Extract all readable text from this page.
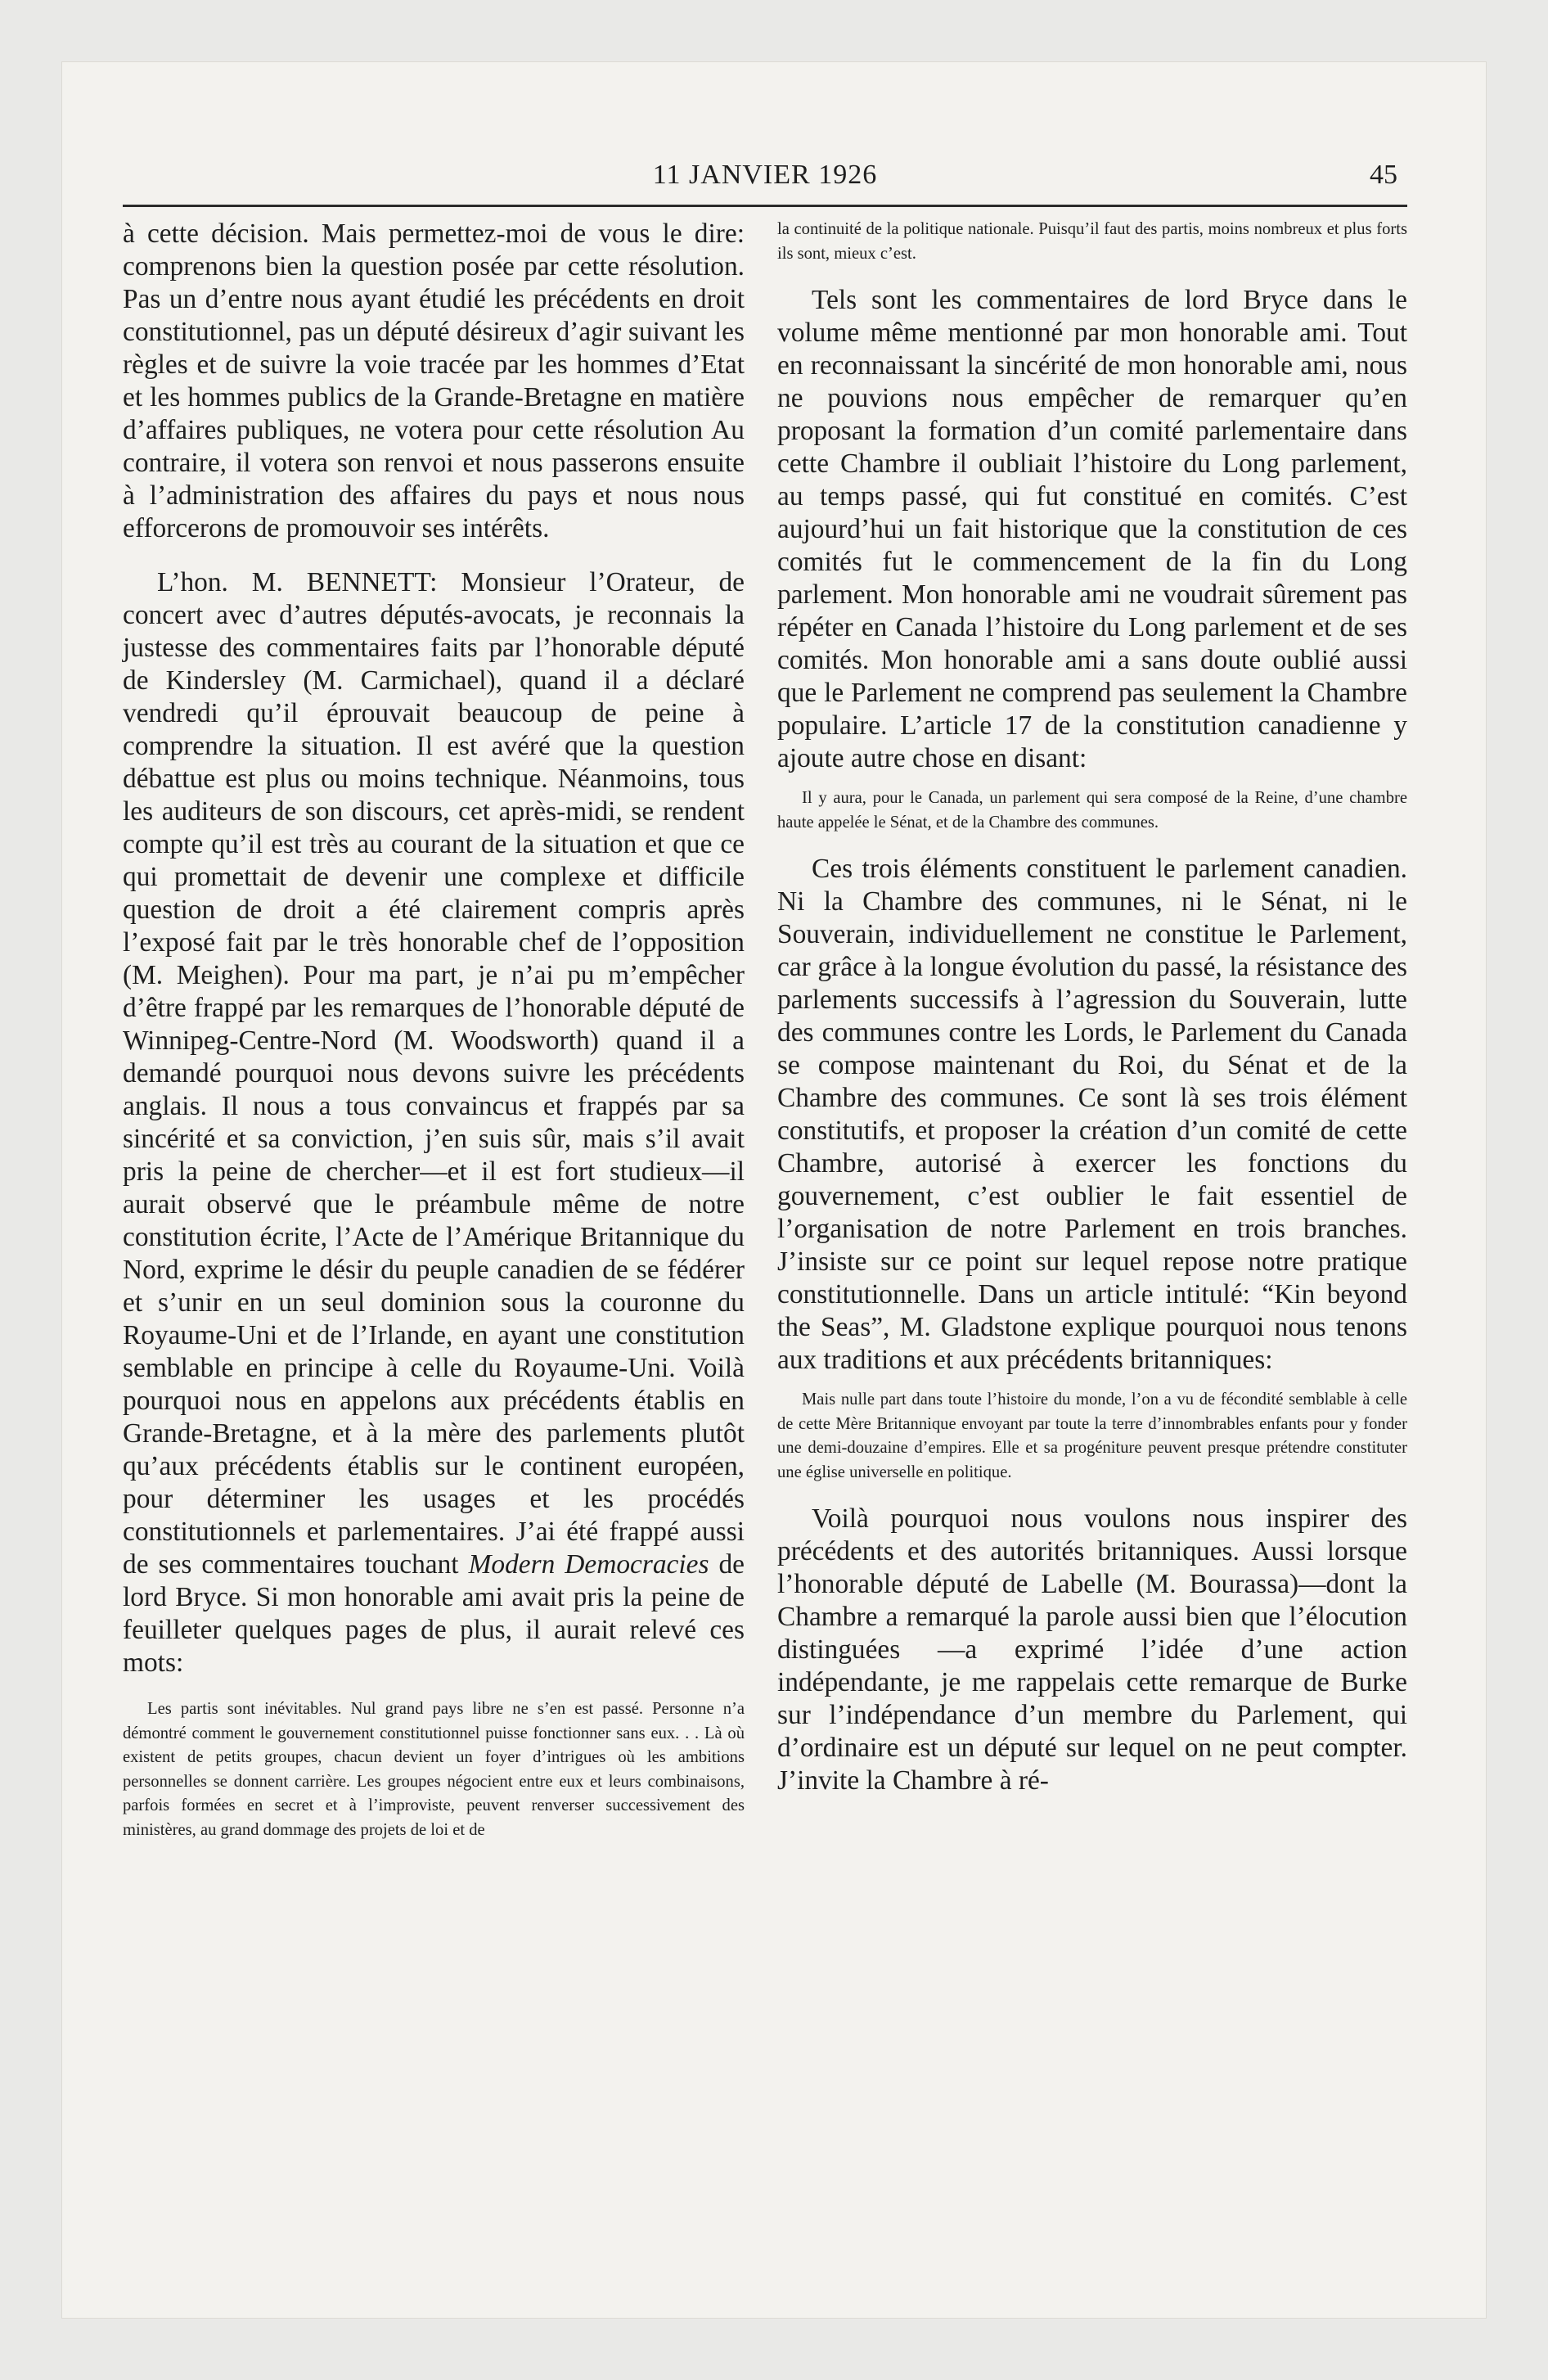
11 JANVIER 1926	45

à cette décision. Mais permettez-moi de vous le dire: comprenons bien la question posée par cette résolution. Pas un d’entre nous ayant étudié les précédents en droit constitutionnel, pas un député désireux d’agir suivant les règles et de suivre la voie tracée par les hommes d’Etat et les hommes publics de la Grande-Bretagne en matière d’affaires publiques, ne votera pour cette résolution Au contraire, il votera son renvoi et nous passerons ensuite à l’administration des affaires du pays et nous nous efforcerons de promouvoir ses intérêts.

L’hon. M. BENNETT: Monsieur l’Orateur, de concert avec d’autres députés-avocats, je reconnais la justesse des commentaires faits par l’honorable député de Kindersley (M. Carmichael), quand il a déclaré vendredi qu’il éprouvait beaucoup de peine à comprendre la situation. Il est avéré que la question débattue est plus ou moins technique. Néanmoins, tous les auditeurs de son discours, cet après-midi, se rendent compte qu’il est très au courant de la situation et que ce qui promettait de devenir une complexe et difficile question de droit a été clairement compris après l’exposé fait par le très honorable chef de l’opposition (M. Meighen). Pour ma part, je n’ai pu m’empêcher d’être frappé par les remarques de l’honorable député de Winnipeg-Centre-Nord (M. Woodsworth) quand il a demandé pourquoi nous devons suivre les précédents anglais. Il nous a tous convaincus et frappés par sa sincérité et sa conviction, j’en suis sûr, mais s’il avait pris la peine de chercher—et il est fort studieux—il aurait observé que le préambule même de notre constitution écrite, l’Acte de l’Amérique Britannique du Nord, exprime le désir du peuple canadien de se fédérer et s’unir en un seul dominion sous la couronne du Royaume-Uni et de l’Irlande, en ayant une constitution semblable en principe à celle du Royaume-Uni. Voilà pourquoi nous en appelons aux précédents établis en Grande-Bretagne, et à la mère des parlements plutôt qu’aux précédents établis sur le continent européen, pour déterminer les usages et les procédés constitutionnels et parlementaires. J’ai été frappé aussi de ses commentaires touchant Modern Democracies de lord Bryce. Si mon honorable ami avait pris la peine de feuilleter quelques pages de plus, il aurait relevé ces mots:

Les partis sont inévitables. Nul grand pays libre ne s’en est passé. Personne n’a démontré comment le gouvernement constitutionnel puisse fonctionner sans eux. . . Là où existent de petits groupes, chacun devient un foyer d’intrigues où les ambitions personnelles se donnent carrière. Les groupes négocient entre eux et leurs combinaisons, parfois formées en secret et à l’improviste, peuvent renverser successivement des ministères, au grand dommage des projets de loi et de

la continuité de la politique nationale. Puisqu’il faut des partis, moins nombreux et plus forts ils sont, mieux c’est.

Tels sont les commentaires de lord Bryce dans le volume même mentionné par mon honorable ami. Tout en reconnaissant la sincérité de mon honorable ami, nous ne pouvions nous empêcher de remarquer qu’en proposant la formation d’un comité parlementaire dans cette Chambre il oubliait l’histoire du Long parlement, au temps passé, qui fut constitué en comités. C’est aujourd’hui un fait historique que la constitution de ces comités fut le commencement de la fin du Long parlement. Mon honorable ami ne voudrait sûrement pas répéter en Canada l’histoire du Long parlement et de ses comités. Mon honorable ami a sans doute oublié aussi que le Parlement ne comprend pas seulement la Chambre populaire. L’article 17 de la constitution canadienne y ajoute autre chose en disant:

Il y aura, pour le Canada, un parlement qui sera composé de la Reine, d’une chambre haute appelée le Sénat, et de la Chambre des communes.

Ces trois éléments constituent le parlement canadien. Ni la Chambre des communes, ni le Sénat, ni le Souverain, individuellement ne constitue le Parlement, car grâce à la longue évolution du passé, la résistance des parlements successifs à l’agression du Souverain, lutte des communes contre les Lords, le Parlement du Canada se compose maintenant du Roi, du Sénat et de la Chambre des communes. Ce sont là ses trois élément constitutifs, et proposer la création d’un comité de cette Chambre, autorisé à exercer les fonctions du gouvernement, c’est oublier le fait essentiel de l’organisation de notre Parlement en trois branches. J’insiste sur ce point sur lequel repose notre pratique constitutionnelle. Dans un article intitulé: “Kin beyond the Seas”, M. Gladstone explique pourquoi nous tenons aux traditions et aux précédents britanniques:

Mais nulle part dans toute l’histoire du monde, l’on a vu de fécondité semblable à celle de cette Mère Britannique envoyant par toute la terre d’innombrables enfants pour y fonder une demi-douzaine d’empires. Elle et sa progéniture peuvent presque prétendre constituter une église universelle en politique.

Voilà pourquoi nous voulons nous inspirer des précédents et des autorités britanniques. Aussi lorsque l’honorable député de Labelle (M. Bourassa)—dont la Chambre a remarqué la parole aussi bien que l’élocution distinguées —a exprimé l’idée d’une action indépendante, je me rappelais cette remarque de Burke sur l’indépendance d’un membre du Parlement, qui d’ordinaire est un député sur lequel on ne peut compter. J’invite la Chambre à ré-
